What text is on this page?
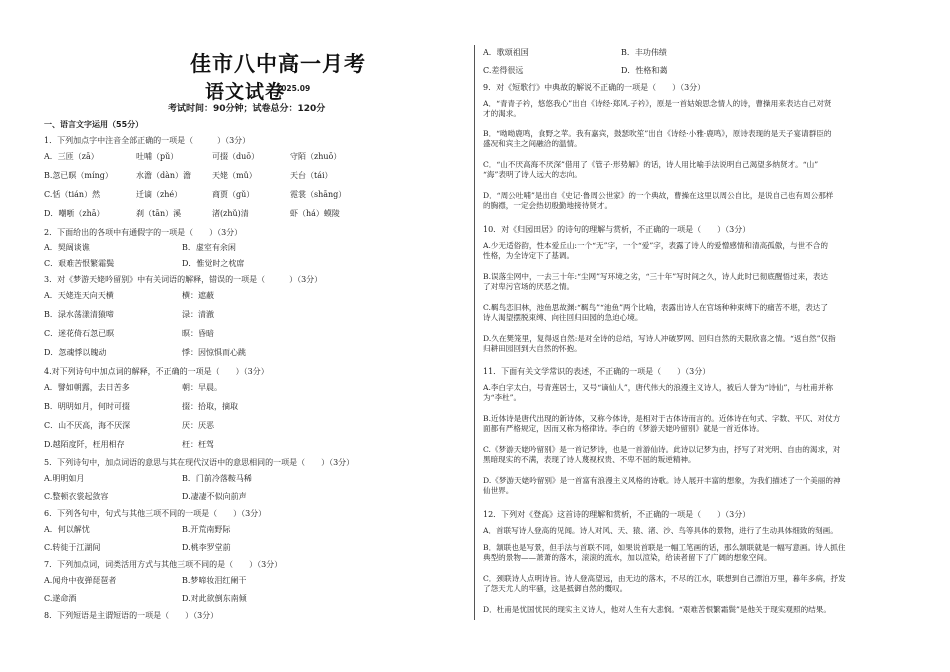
佳市八中高一月考
语文试卷
2025.09
考试时间：90分钟；试卷总分：120分
一、语言文字运用（55分）
1．下列加点字中注音全部正确的一项是（　　　）（3分）
A．三匝（zā）	吐哺（pǔ）	可掇（duō）	守陌（zhuō）
B.忽已暝（míng）	水澹（dàn）澹	天姥（mǔ）	天台（tái）
C.恬（tián）然	迁谪（zhé）	商贾（gǔ）	霓裳（shāng）
D．嘲哳（zhā）	刹（tān）溪	渚(zhǔ)清	虾（há）蟆陵
2．下面给出的各项中有通假字的一项是（　　）（3分）
A．契阔谈谯	B．虚室有余闲
C．艰难苦恨繁霜鬓	D．惟觉时之枕席
3．对《梦游天姥吟留别》中有关词语的解释，错误的一项是（　　　）（3分）
A．天姥连天向天横	横：遮蔽
B．渌水荡漾清猿啼	渌：清澈
C．迷花倚石忽已暝	暝：昏暗
D．忽魂悸以魄动	悸：因惊惧而心跳
4.对下列诗句中加点词的解释，不正确的一项是（　　）（3分）
A．譬如朝露，去日苦多	朝：早晨。
B．明明如月，何时可掇	掇：拾取，摘取
C．山不厌高，海不厌深	厌：厌恶
D.越陌度阡，枉用相存	枉：枉驾
5．下列诗句中，加点词语的意思与其在现代汉语中的意思相同的一项是（　　）（3分）
A.明明如月	B．门前冷落鞍马稀
C.整顿衣裳起敛容	D.凄凄不似向前声
6．下列各句中，句式与其他三项不同的一项是（　　）（3分）
A．何以解忧	B.开荒南野际
C.转徙于江湖间	D.桃李罗堂前
7．下列加点词，词类活用方式与其他三项不同的是（　　）（3分）
A.闻舟中夜弹琵琶者	B.梦啼妆泪红阑干
C.遂命酒	D.对此欲倒东南倾
8．下列短语是主谓短语的一项是（　　）（3分）
A．歌颂祖国	B．丰功伟绩
C.差得很远	D．性格和蔼
9．对《短歌行》中典故的解说不正确的一项是（　　）（3分）
A．“青青子衿，悠悠我心”出自《诗经·郑风.子衿》，原是一首姑娘思念情人的诗，曹操用来表达自己对贤
才的渴求。
B．“呦呦鹿鸣，食野之苹。我有嘉宾，鼓瑟吹笙”出自《诗经·小雅·鹿鸣》，原诗表现的是天子宴请群臣的
盛况和宾主之间融洽的温情。
C．“山不厌高海不厌深”借用了《管子·形势解》的话，诗人用比喻手法说明自己渴望多纳贤才。“山”
“海”表明了诗人远大的志向。
D．“周公吐哺”是出自《史记·鲁周公世家》的一个典故，曹操在这里以周公自比，是说自己也有周公那样
的胸襟，一定会热切殷勤地接待贤才。
10．对《归园田居》的诗句的理解与赏析，不正确的一项是（　　）（3分）
A.少无适俗韵，性本爱丘山:一个“无”字，一个“爱”字，表露了诗人的爱憎感情和清高孤傲，与世不合的
性格，为全诗定下了基调。
B.误落尘网中，一去三十年:“尘网”写环境之劣，“三十年”写时间之久，诗人此时已彻底醒悟过来，表达
了对卑污官场的厌恶之情。
C.羁鸟恋旧林，池鱼思故渊:“羁鸟”“池鱼”两个比喻，表露出诗人在官场种种束缚下的痛苦不堪，表达了
诗人渴望摆脱束缚、向往回归田园的急迫心境。
D.久在樊笼里，复得返自然:是对全诗的总结，写诗人冲破罗网、回归自然的天限欣喜之情。“返自然”仅指
归耕田园回到大自然的怀抱。
11．下面有关文学常识的表述，不正确的一项是（　　）（3分）
A.李白字太白，号青莲居士，又号“谪仙人”，唐代伟大的浪漫主义诗人，被后人誉为“诗仙”，与杜甫并称
为“李杜”。
B.近体诗是唐代出现的新诗体，又称今体诗，是相对于古体诗而言的。近体诗在句式、字数、平仄、对仗方
面都有严格规定，因而又称为格律诗。李白的《梦游天姥吟留别》就是一首近体诗。
C.《梦游天姥吟留别》是一首记梦诗，也是一首游仙诗。此诗以记梦为由，抒写了对光明、自由的渴求，对
黑暗现实的不满，表现了诗人蔑视权贵、不卑不屈的叛逆精神。
D.《梦游天姥吟留别》是一首富有浪漫主义风格的诗歌。诗人展开丰富的想象，为我们描述了一个美丽的神
仙世界。
12．下列对《登高》这首诗的理解和赏析，不正确的一项是（　　）（3分）
A．首联写诗人登高的见闻。诗人对风、天、猿、渚、沙、鸟等具体的景物，进行了生动具体细致的刻画。
B．颔联也是写景，但手法与首联不同，如果说首联是一幅工笔画的话，那么颔联就是一幅写意画。诗人抓住
典型的景物——萧萧的落木，滚滚的流水，加以渲染，给读者留下了广阔的想象空间。
C．颈联诗人点明诗旨。诗人登高望远，由无边的落木，不尽的江水，联想到自己漂泊万里，暮年多病，抒发
了怨天尤人的牢骚，这是抵御自然的慨叹。
D．杜甫是忧国忧民的现实主义诗人，他对人生有大悲悯。“艰难苦恨繁霜鬓”是他关于现实观照的结果。
